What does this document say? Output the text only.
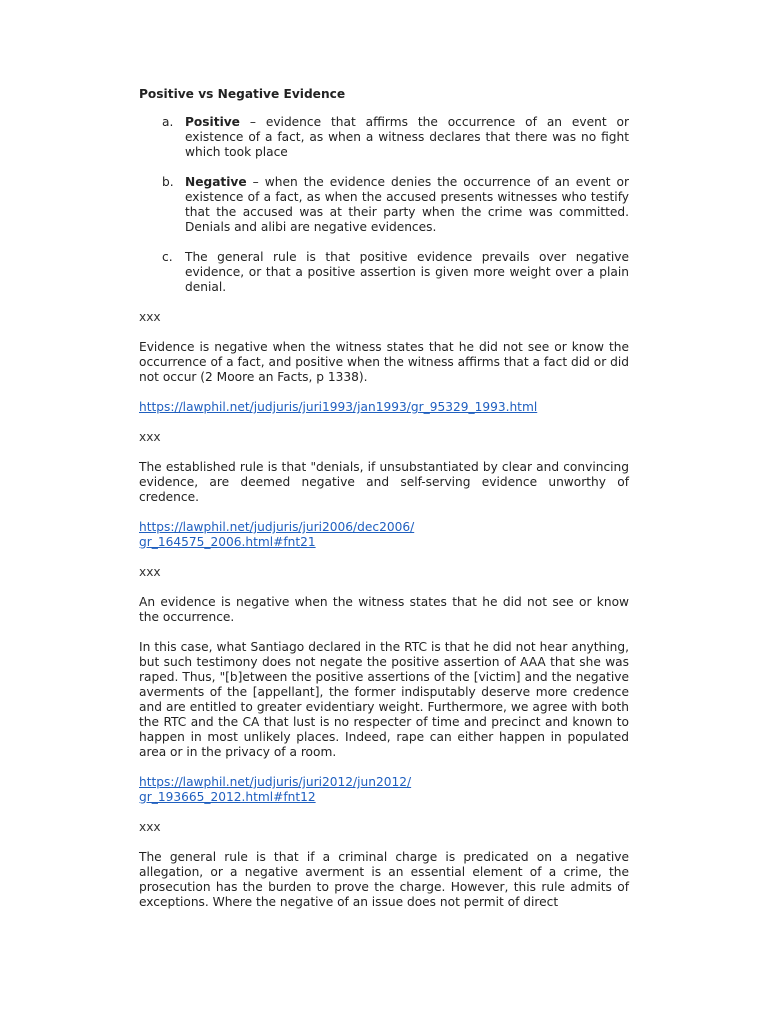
Positive vs Negative Evidence
a. Positive – evidence that affirms the occurrence of an event or existence of a fact, as when a witness declares that there was no fight which took place
b. Negative – when the evidence denies the occurrence of an event or existence of a fact, as when the accused presents witnesses who testify that the accused was at their party when the crime was committed. Denials and alibi are negative evidences.
c.	The general rule is that positive evidence prevails over negative evidence, or that a positive assertion is given more weight over a plain denial.
xxx

Evidence is negative when the witness states that he did not see or know the occurrence of a fact, and positive when the witness affirms that a fact did or did not occur (2 Moore an Facts, p 1338).

https://lawphil.net/judjuris/juri1993/jan1993/gr_95329_1993.html
xxx

The established rule is that "denials, if unsubstantiated by clear and convincing evidence, are deemed negative and self-serving evidence unworthy of credence.

https://lawphil.net/judjuris/juri2006/dec2006/
gr_164575_2006.html#fnt21
xxx

An evidence is negative when the witness states that he did not see or know the occurrence.

In this case, what Santiago declared in the RTC is that he did not hear anything, but such testimony does not negate the positive assertion of AAA that she was raped. Thus, "[b]etween the positive assertions of the [victim] and the negative averments of the [appellant], the former indisputably deserve more credence and are entitled to greater evidentiary weight. Furthermore, we agree with both the RTC and the CA that lust is no respecter of time and precinct and known to happen in most unlikely places. Indeed, rape can either happen in populated area or in the privacy of a room.

https://lawphil.net/judjuris/juri2012/jun2012/
gr_193665_2012.html#fnt12
xxx

The general rule is that if a criminal charge is predicated on a negative allegation, or a negative averment is an essential element of a crime, the prosecution has the burden to prove the charge. However, this rule admits of exceptions. Where the negative of an issue does not permit of direct
